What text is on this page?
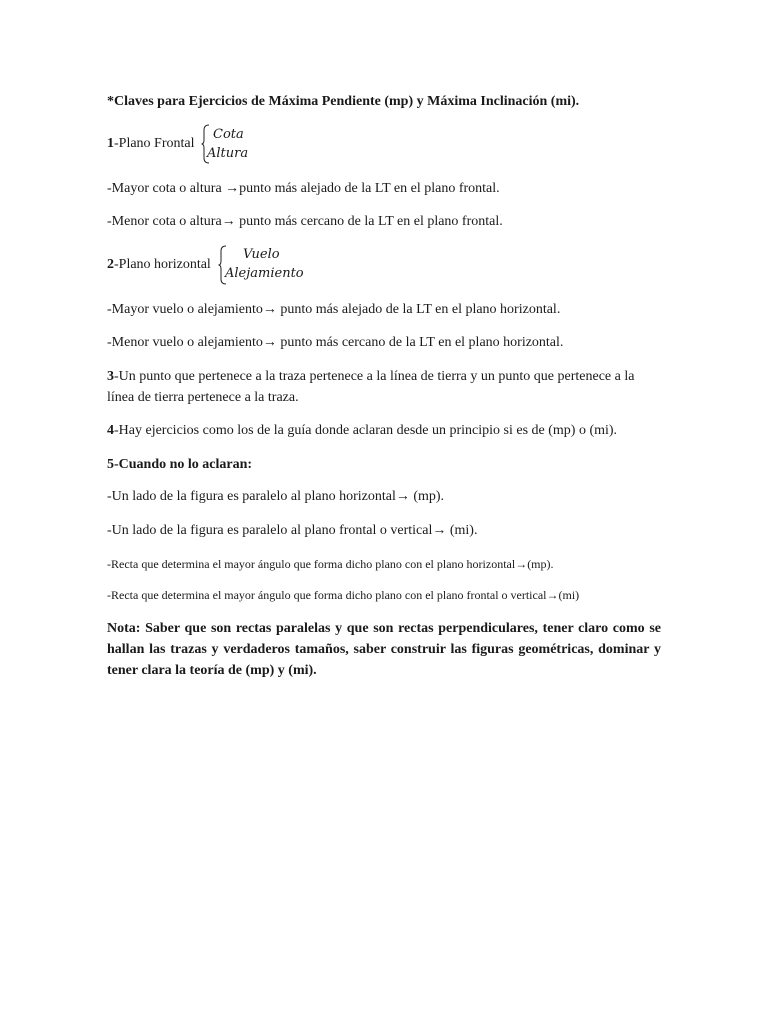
*Claves para Ejercicios de Máxima Pendiente (mp) y Máxima Inclinación (mi).
1-Plano Frontal
Cota
Altura
-Mayor cota o altura →punto más alejado de la LT en el plano frontal.
-Menor cota o altura→ punto más cercano de la LT en el plano frontal.
2-Plano horizontal
Vuelo
Alejamiento
-Mayor vuelo o alejamiento→ punto más alejado de la LT en el plano horizontal.
-Menor vuelo o alejamiento→ punto más cercano de la LT en el plano horizontal.
3-Un punto que pertenece a la traza pertenece a la línea de tierra y un punto que pertenece a la línea de tierra pertenece a la traza.
4-Hay ejercicios como los de la guía donde aclaran desde un principio si es de (mp) o (mi).
5-Cuando no lo aclaran:
-Un lado de la figura es paralelo al plano horizontal→ (mp).
-Un lado de la figura es paralelo al plano frontal o vertical→ (mi).
-Recta que determina el mayor ángulo que forma dicho plano con el plano horizontal→(mp).
-Recta que determina el mayor ángulo que forma dicho plano con el plano frontal o vertical→(mi)
Nota: Saber que son rectas paralelas y que son rectas perpendiculares, tener claro como se hallan las trazas y verdaderos tamaños, saber construir las figuras geométricas, dominar y tener clara la teoría de (mp) y (mi).
